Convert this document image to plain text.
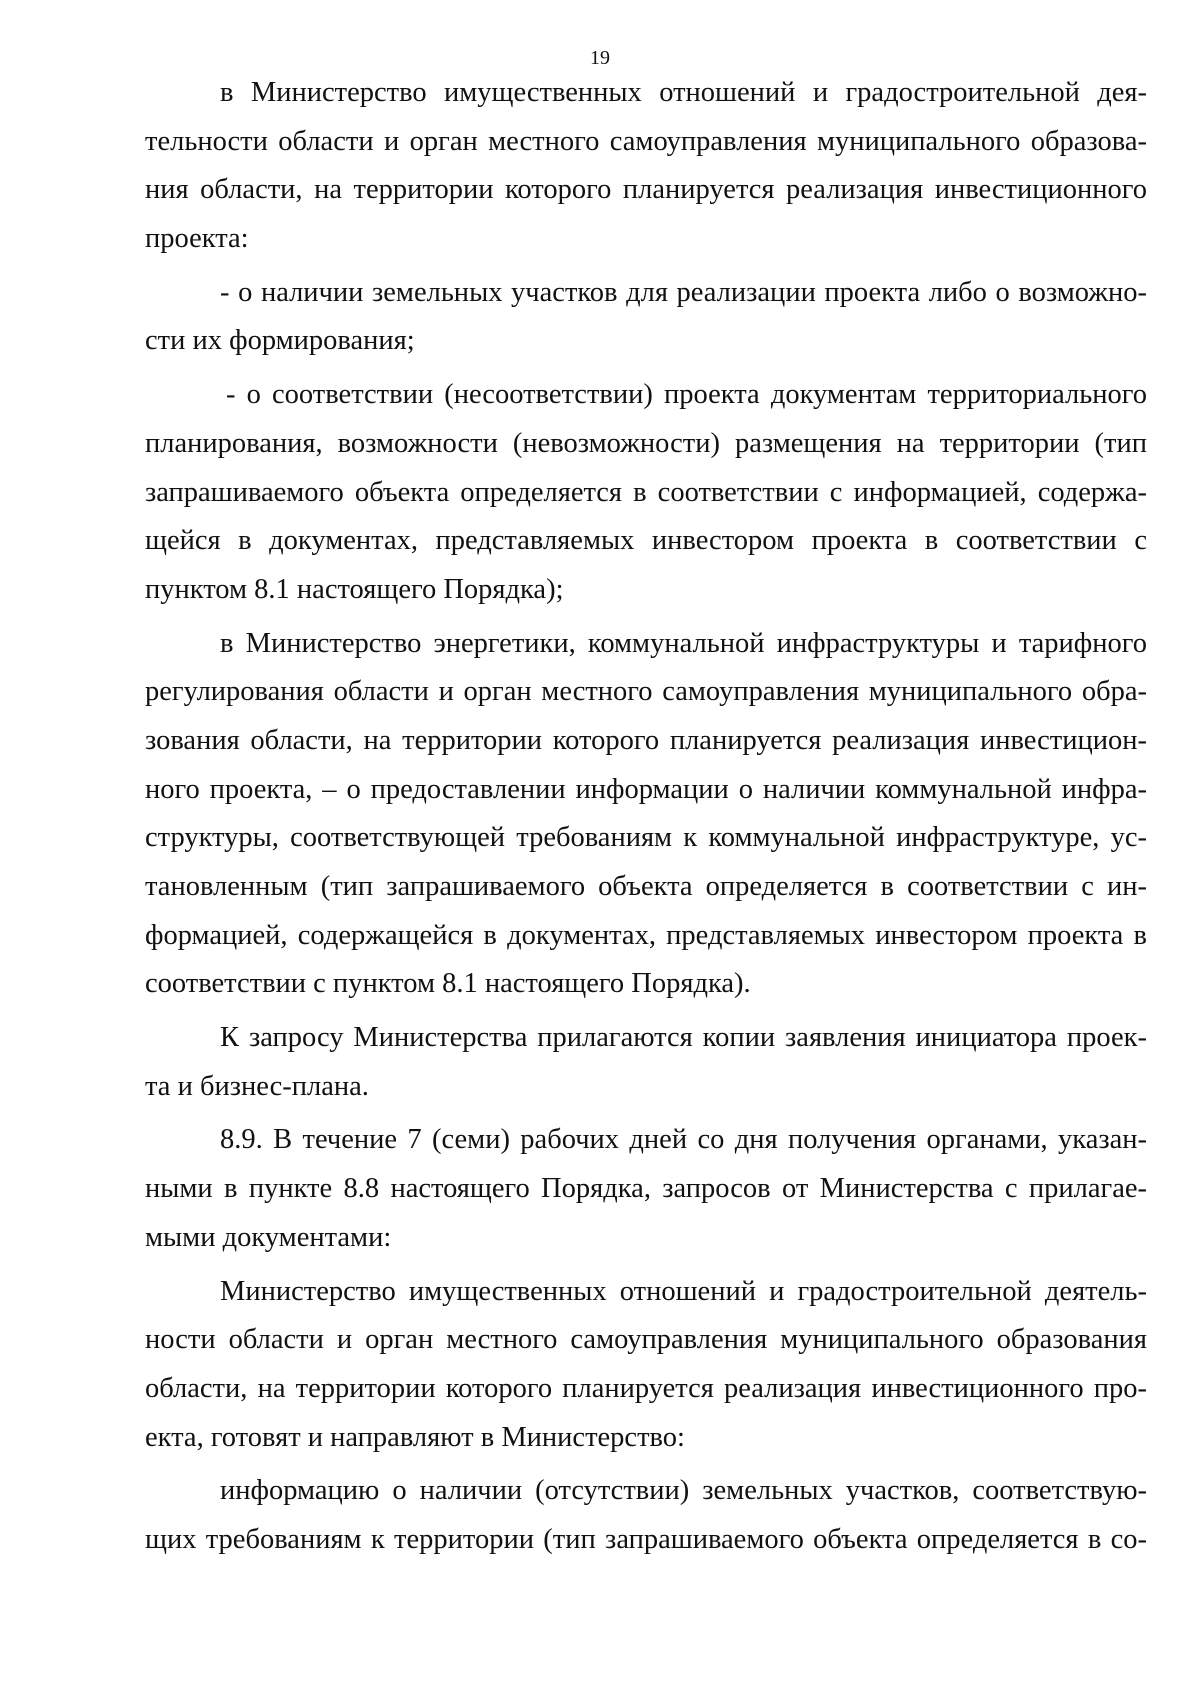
19
в Министерство имущественных отношений и градостроительной дея-
тельности области и орган местного самоуправления муниципального образова-
ния области, на территории которого планируется реализация инвестиционного
проекта:
- о наличии земельных участков для реализации проекта либо о возможно-
сти их формирования;
- о соответствии (несоответствии) проекта документам территориального
планирования, возможности (невозможности) размещения на территории (тип
запрашиваемого объекта определяется в соответствии с информацией, содержа-
щейся в документах, представляемых инвестором проекта в соответствии с
пунктом 8.1 настоящего Порядка);
в Министерство энергетики, коммунальной инфраструктуры и тарифного
регулирования области и орган местного самоуправления муниципального обра-
зования области, на территории которого планируется реализация инвестицион-
ного проекта, – о предоставлении информации о наличии коммунальной инфра-
структуры, соответствующей требованиям к коммунальной инфраструктуре, ус-
тановленным (тип запрашиваемого объекта определяется в соответствии с ин-
формацией, содержащейся в документах, представляемых инвестором проекта в
соответствии с пунктом 8.1 настоящего Порядка).
К запросу Министерства прилагаются копии заявления инициатора проек-
та и бизнес-плана.
8.9. В течение 7 (семи) рабочих дней со дня получения органами, указан-
ными в пункте 8.8 настоящего Порядка, запросов от Министерства с прилагае-
мыми документами:
Министерство имущественных отношений и градостроительной деятель-
ности области и орган местного самоуправления муниципального образования
области, на территории которого планируется реализация инвестиционного про-
екта, готовят и направляют в Министерство:
информацию о наличии (отсутствии) земельных участков, соответствую-
щих требованиям к территории (тип запрашиваемого объекта определяется в со-
